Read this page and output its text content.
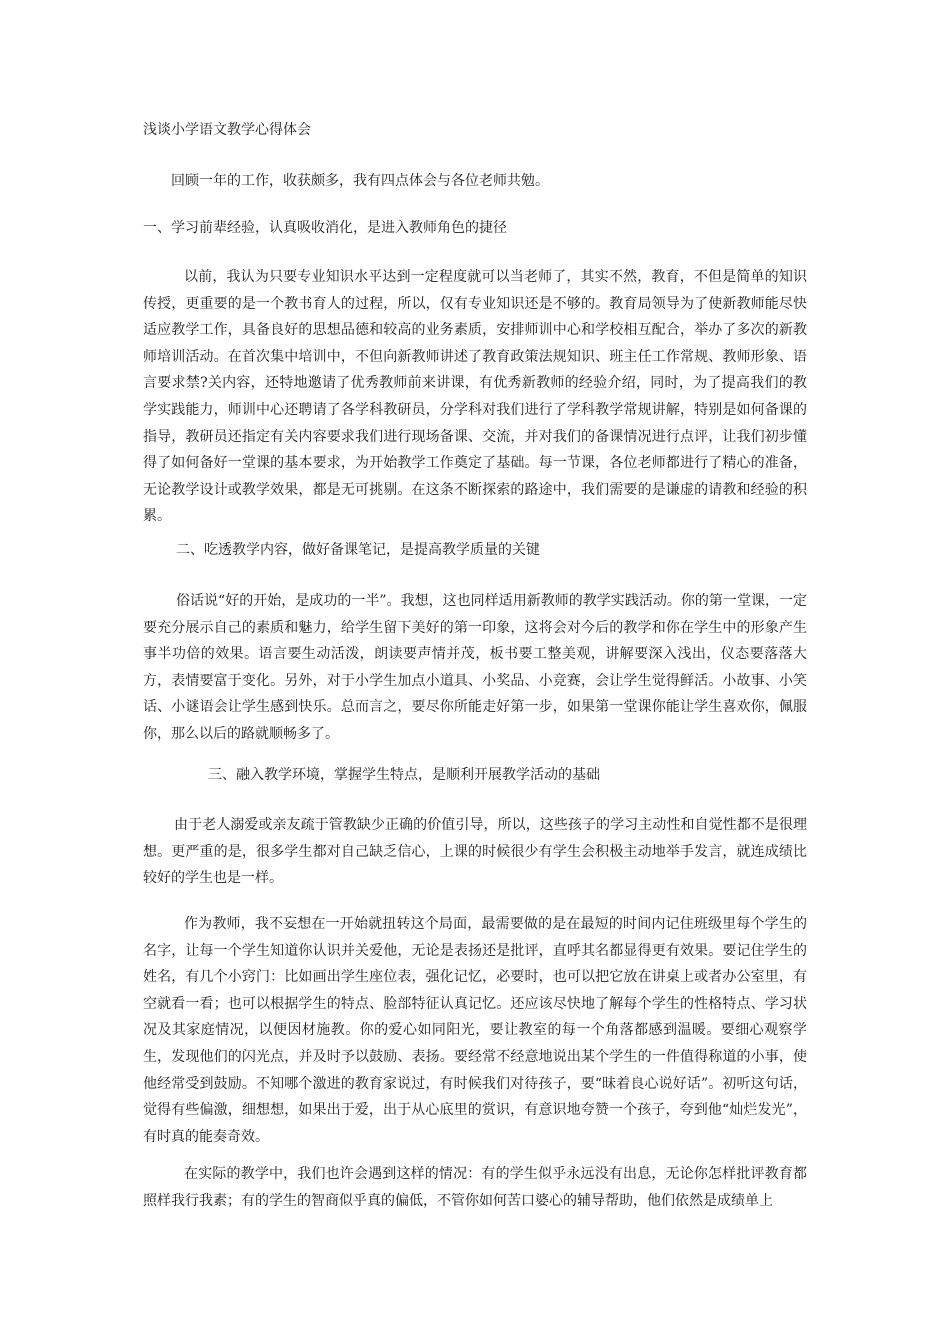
浅谈小学语文教学心得体会
回顾一年的工作，收获颇多，我有四点体会与各位老师共勉。
一、学习前辈经验，认真吸收消化，是进入教师角色的捷径
以前，我认为只要专业知识水平达到一定程度就可以当老师了，其实不然，教育，不但是简单的知识传授，更重要的是一个教书育人的过程，所以，仅有专业知识还是不够的。教育局领导为了使新教师能尽快适应教学工作，具备良好的思想品德和较高的业务素质，安排师训中心和学校相互配合，举办了多次的新教师培训活动。在首次集中培训中，不但向新教师讲述了教育政策法规知识、班主任工作常规、教师形象、语言要求禁?关内容，还特地邀请了优秀教师前来讲课，有优秀新教师的经验介绍，同时，为了提高我们的教学实践能力，师训中心还聘请了各学科教研员，分学科对我们进行了学科教学常规讲解，特别是如何备课的指导，教研员还指定有关内容要求我们进行现场备课、交流，并对我们的备课情况进行点评，让我们初步懂得了如何备好一堂课的基本要求，为开始教学工作奠定了基础。每一节课，各位老师都进行了精心的准备，无论教学设计或教学效果，都是无可挑剔。在这条不断探索的路途中，我们需要的是谦虚的请教和经验的积累。
二、吃透教学内容，做好备课笔记，是提高教学质量的关键
俗话说“好的开始，是成功的一半”。我想，这也同样适用新教师的教学实践活动。你的第一堂课，一定要充分展示自己的素质和魅力，给学生留下美好的第一印象，这将会对今后的教学和你在学生中的形象产生事半功倍的效果。语言要生动活泼，朗读要声情并茂，板书要工整美观，讲解要深入浅出，仪态要落落大方，表情要富于变化。另外，对于小学生加点小道具、小奖品、小竞赛，会让学生觉得鲜活。小故事、小笑话、小谜语会让学生感到快乐。总而言之，要尽你所能走好第一步，如果第一堂课你能让学生喜欢你，佩服你，那么以后的路就顺畅多了。
三、融入教学环境，掌握学生特点，是顺利开展教学活动的基础
由于老人溺爱或亲友疏于管教缺少正确的价值引导，所以，这些孩子的学习主动性和自觉性都不是很理想。更严重的是，很多学生都对自己缺乏信心，上课的时候很少有学生会积极主动地举手发言，就连成绩比较好的学生也是一样。
作为教师，我不妄想在一开始就扭转这个局面，最需要做的是在最短的时间内记住班级里每个学生的名字，让每一个学生知道你认识并关爱他，无论是表扬还是批评，直呼其名都显得更有效果。要记住学生的姓名，有几个小窍门：比如画出学生座位表，强化记忆，必要时，也可以把它放在讲桌上或者办公室里，有空就看一看；也可以根据学生的特点、脸部特征认真记忆。还应该尽快地了解每个学生的性格特点、学习状况及其家庭情况，以便因材施教。你的爱心如同阳光，要让教室的每一个角落都感到温暖。要细心观察学生，发现他们的闪光点，并及时予以鼓励、表扬。要经常不经意地说出某个学生的一件值得称道的小事，使他经常受到鼓励。不知哪个激进的教育家说过，有时候我们对待孩子，要“昧着良心说好话”。初听这句话，觉得有些偏激，细想想，如果出于爱，出于从心底里的赏识，有意识地夸赞一个孩子，夸到他“灿烂发光”，有时真的能奏奇效。
在实际的教学中，我们也许会遇到这样的情况：有的学生似乎永远没有出息，无论你怎样批评教育都照样我行我素；有的学生的智商似乎真的偏低，不管你如何苦口婆心的辅导帮助，他们依然是成绩单上
